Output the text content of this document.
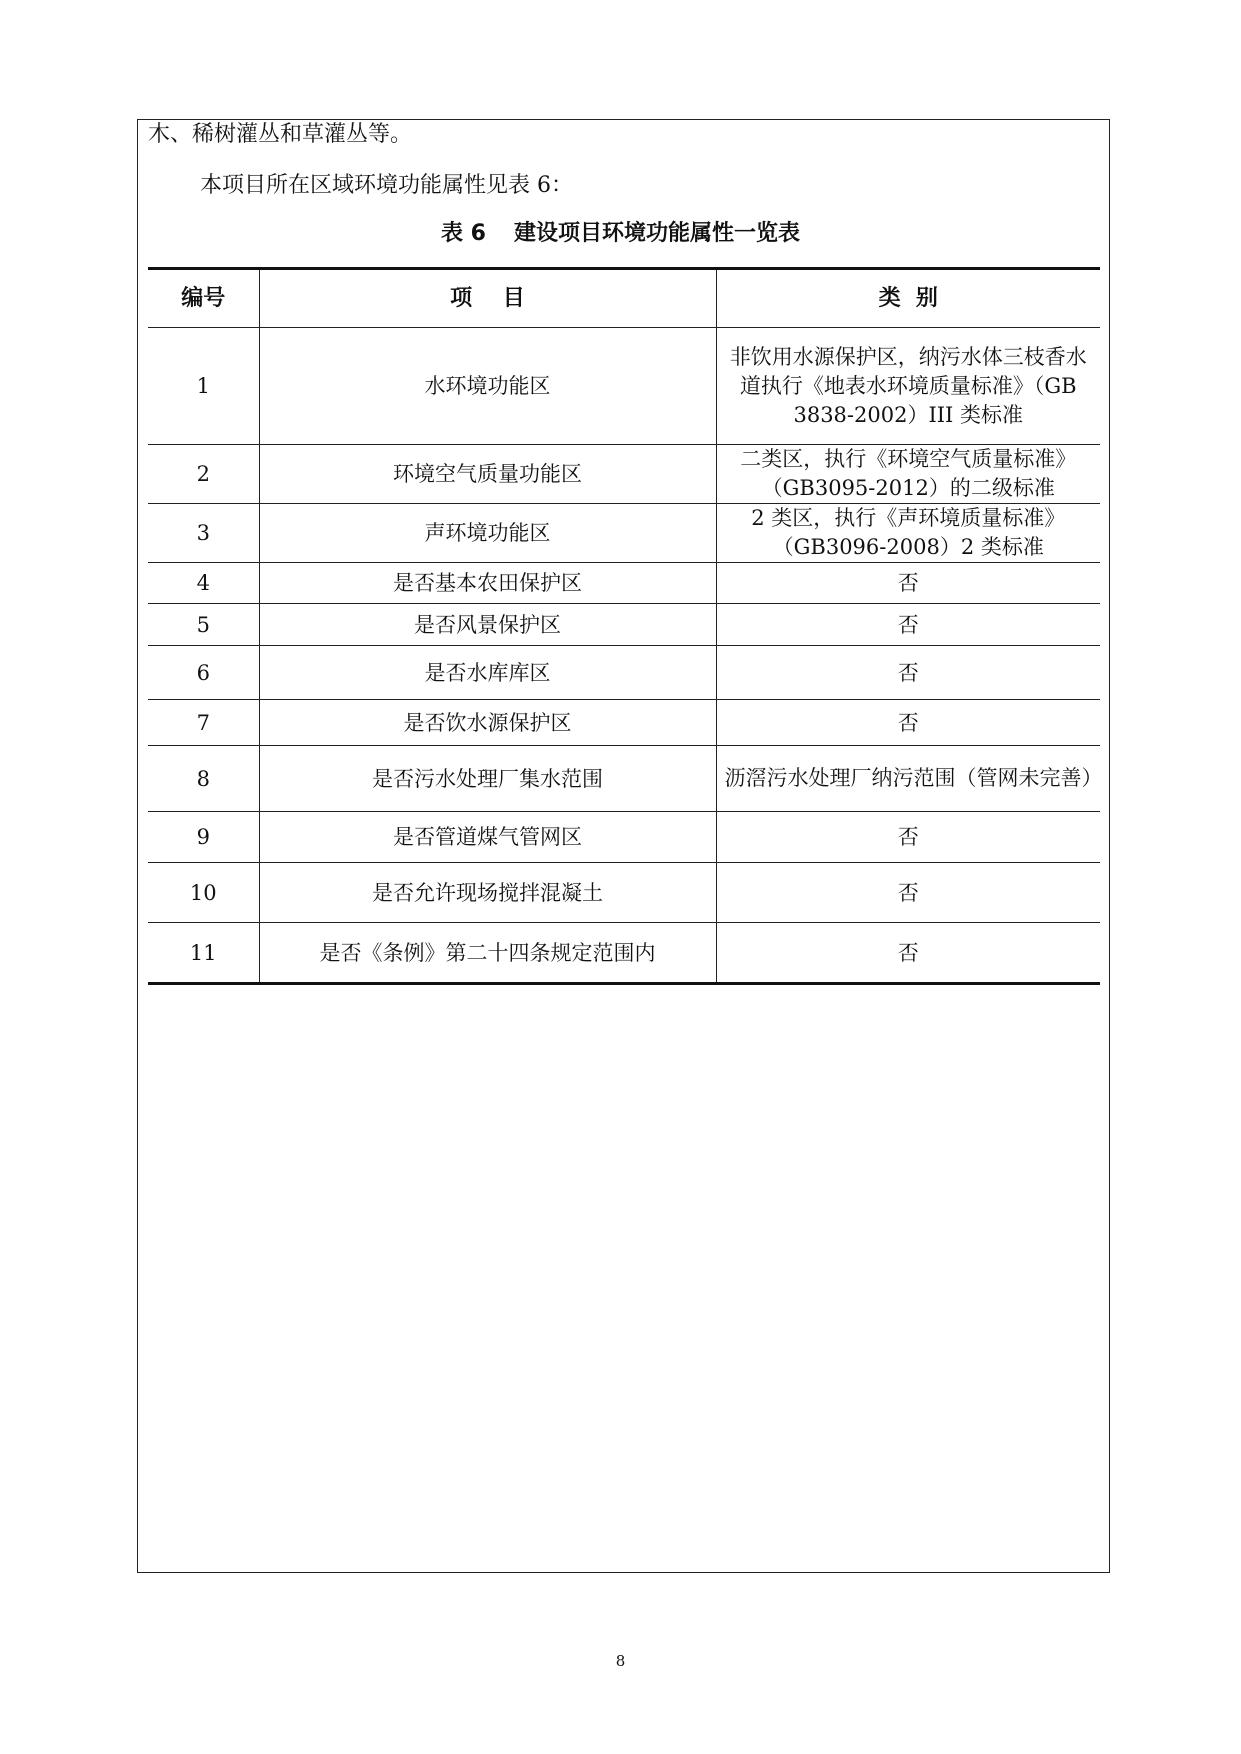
木、稀树灌丛和草灌丛等。
本项目所在区域环境功能属性见表 6：
表 6 建设项目环境功能属性一览表
编号	项    目	类  别
1	水环境功能区	非饮用水源保护区，纳污水体三枝香水道执行《地表水环境质量标准》（GB 3838-2002）III 类标准
2	环境空气质量功能区	二类区，执行《环境空气质量标准》（GB3095-2012）的二级标准
3	声环境功能区	2 类区，执行《声环境质量标准》（GB3096-2008）2 类标准
4	是否基本农田保护区	否
5	是否风景保护区	否
6	是否水库库区	否
7	是否饮水源保护区	否
8	是否污水处理厂集水范围	沥滘污水处理厂纳污范围（管网未完善）
9	是否管道煤气管网区	否
10	是否允许现场搅拌混凝土	否
11	是否《条例》第二十四条规定范围内	否
8
